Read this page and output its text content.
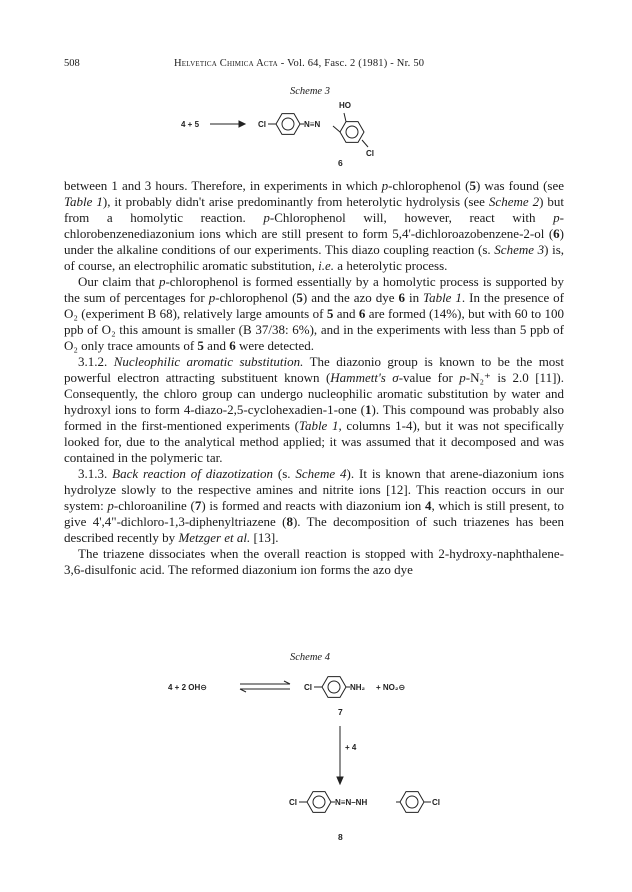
508	Helvetica Chimica Acta - Vol. 64, Fasc. 2 (1981) - Nr. 50
Scheme 3
4 + 5	Cl	N≡N
HO
Cl
6

between 1 and 3 hours. Therefore, in experiments in which p-chlorophenol (5) was found (see Table 1), it probably didn't arise predominantly from heterolytic hydrolysis (see Scheme 2) but from a homolytic reaction. p-Chlorophenol will, however, react with p-chlorobenzenediazonium ions which are still present to form 5,4'-dichloroazobenzene-2-ol (6) under the alkaline conditions of our experiments. This diazo coupling reaction (s. Scheme 3) is, of course, an electrophilic aromatic substitution, i.e. a heterolytic process.

Our claim that p-chlorophenol is formed essentially by a homolytic process is supported by the sum of percentages for p-chlorophenol (5) and the azo dye 6 in Table 1. In the presence of O₂ (experiment B 68), relatively large amounts of 5 and 6 are formed (14%), but with 60 to 100 ppb of O₂ this amount is smaller (B 37/38: 6%), and in the experiments with less than 5 ppb of O₂ only trace amounts of 5 and 6 were detected.

3.1.2. Nucleophilic aromatic substitution. The diazonio group is known to be the most powerful electron attracting substituent known (Hammett's σ-value for p-N₂⁺ is 2.0 [11]). Consequently, the chloro group can undergo nucleophilic aromatic substitution by water and hydroxyl ions to form 4-diazo-2,5-cyclohexadien-1-one (1). This compound was probably also formed in the first-mentioned experiments (Table 1, columns 1-4), but it was not specifically looked for, due to the analytical method applied; it was assumed that it decomposed and was contained in the polymeric tar.

3.1.3. Back reaction of diazotization (s. Scheme 4). It is known that arene-diazonium ions hydrolyze slowly to the respective amines and nitrite ions [12]. This reaction occurs in our system: p-chloroaniline (7) is formed and reacts with diazonium ion 4, which is still present, to give 4',4"-dichloro-1,3-diphenyltriazene (8). The decomposition of such triazenes has been described recently by Metzger et al. [13].

The triazene dissociates when the overall reaction is stopped with 2-hydroxy-naphthalene-3,6-disulfonic acid. The reformed diazonium ion forms the azo dye

Scheme 4
4 + 2 OH⊖	Cl	NH₂ + NO₂⊖
7
+ 4
Cl	N≡N–NH	Cl
8
